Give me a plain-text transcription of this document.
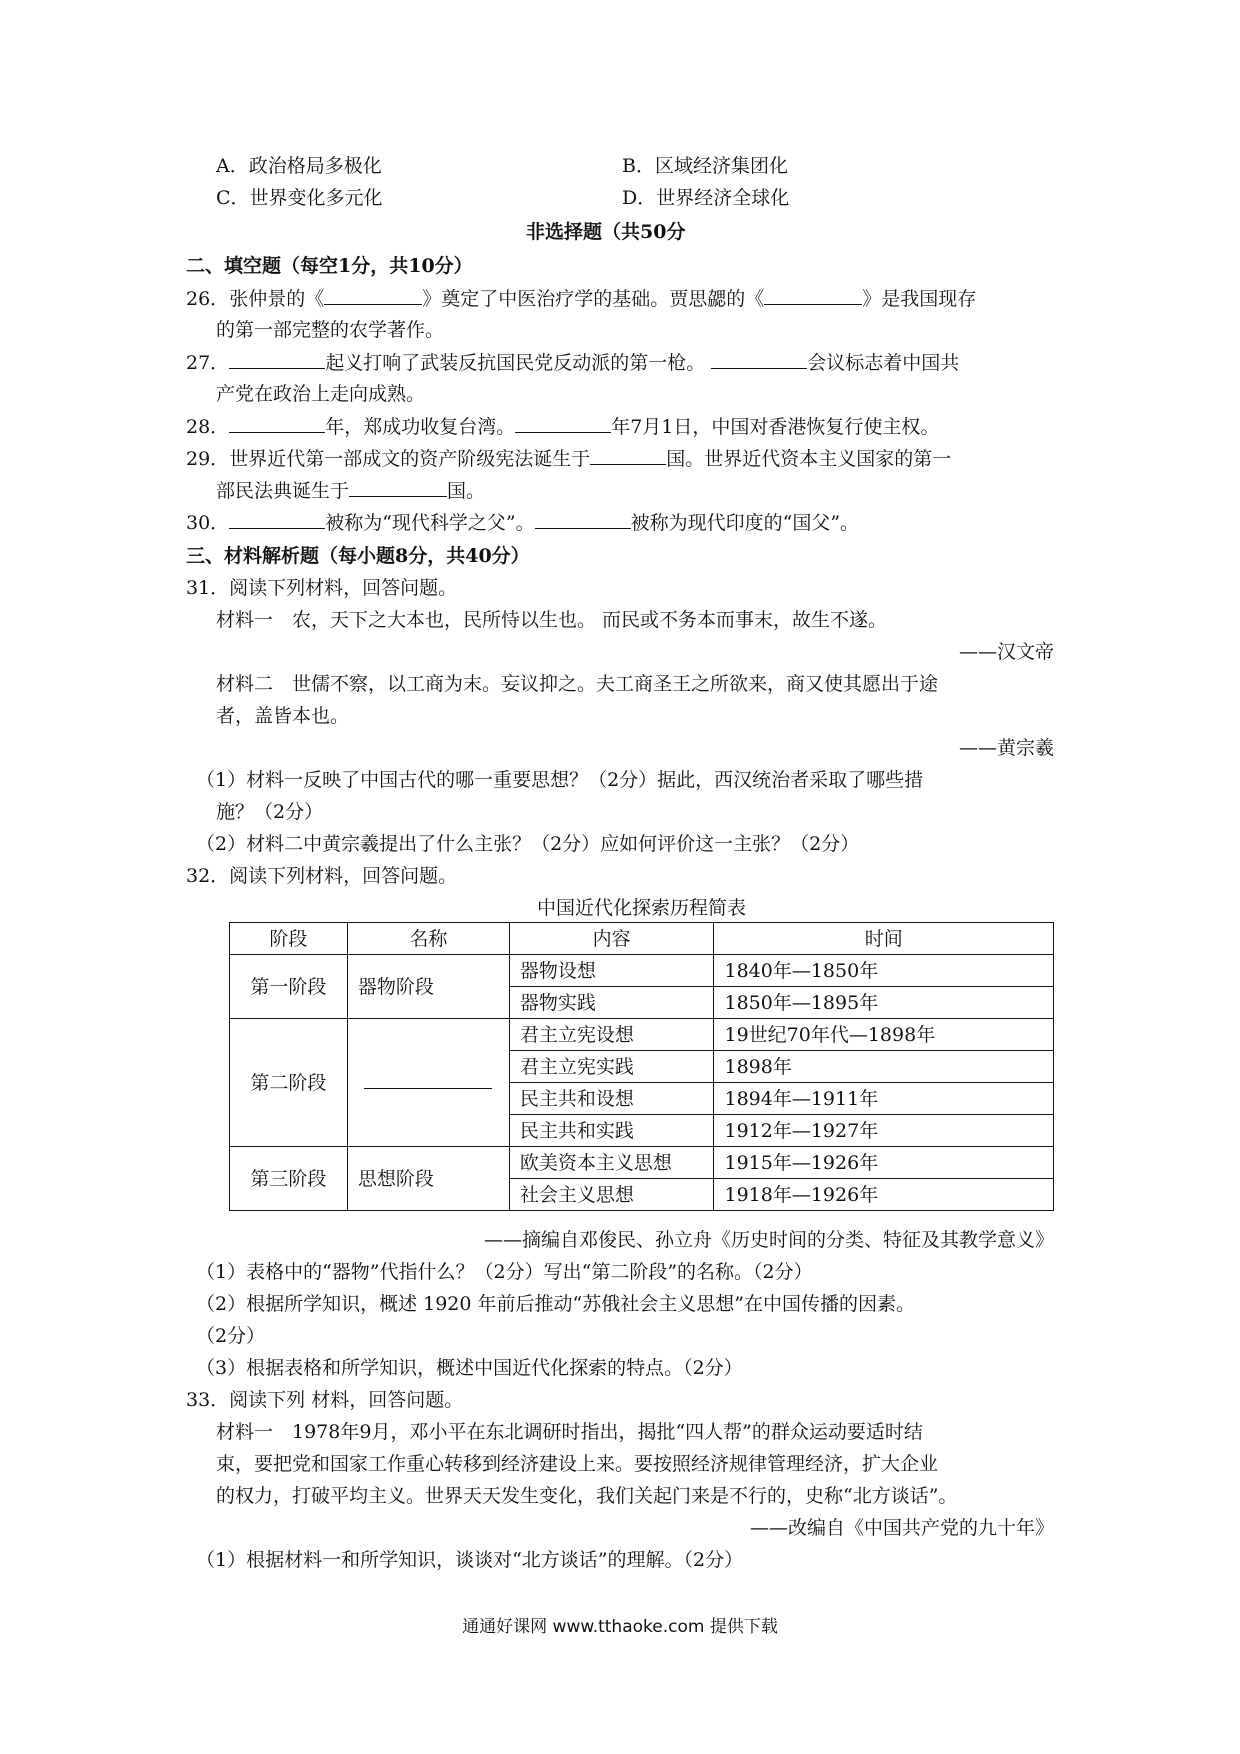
A．政治格局多极化	B．区域经济集团化
C．世界变化多元化	D．世界经济全球化
非选择题（共50分
二、填空题（每空1分，共10分）
26．张仲景的《	》奠定了中医治疗学的基础。贾思勰的《	》是我国现存
的第一部完整的农学著作。
27．	起义打响了武装反抗国民党反动派的第一枪。	会议标志着中国共
产党在政治上走向成熟。
28．	年，郑成功收复台湾。	年7月1日，中国对香港恢复行使主权。
29．世界近代第一部成文的资产阶级宪法诞生于	国。世界近代资本主义国家的第一
部民法典诞生于	国。
30．	被称为“现代科学之父”。	被称为现代印度的“国父”。
三、材料解析题（每小题8分，共40分）
31．阅读下列材料，回答问题。
材料一　农，天下之大本也，民所恃以生也。 而民或不务本而事末，故生不遂。
——汉文帝
材料二　世儒不察，以工商为末。妄议抑之。夫工商圣王之所欲来，商又使其愿出于途
者，盖皆本也。
——黄宗羲
（1）材料一反映了中国古代的哪一重要思想？（2分）据此，西汉统治者采取了哪些措
施？（2分）
（2）材料二中黄宗羲提出了什么主张？（2分）应如何评价这一主张？（2分）
32．阅读下列材料，回答问题。
中国近代化探索历程简表
阶段	名称	内容	时间
第一阶段	器物阶段	器物设想	1840年—1850年
		器物实践	1850年—1895年
第二阶段		君主立宪设想	19世纪70年代—1898年
		君主立宪实践	1898年
		民主共和设想	1894年—1911年
		民主共和实践	1912年—1927年
第三阶段	思想阶段	欧美资本主义思想	1915年—1926年
		社会主义思想	1918年—1926年
——摘编自邓俊民、孙立舟《历史时间的分类、特征及其教学意义》
（1）表格中的“器物”代指什么？（2分）写出“第二阶段”的名称。（2分）
（2）根据所学知识，概述 1920 年前后推动“苏俄社会主义思想”在中国传播的因素。
（2分）
（3）根据表格和所学知识，概述中国近代化探索的特点。（2分）
33．阅读下列 材料，回答问题。
材料一　1978年9月，邓小平在东北调研时指出，揭批“四人帮”的群众运动要适时结
束，要把党和国家工作重心转移到经济建设上来。要按照经济规律管理经济，扩大企业
的权力，打破平均主义。世界天天发生变化，我们关起门来是不行的，史称“北方谈话”。
——改编自《中国共产党的九十年》
（1）根据材料一和所学知识，谈谈对“北方谈话”的理解。（2分）
通通好课网 www.tthaoke.com 提供下载
